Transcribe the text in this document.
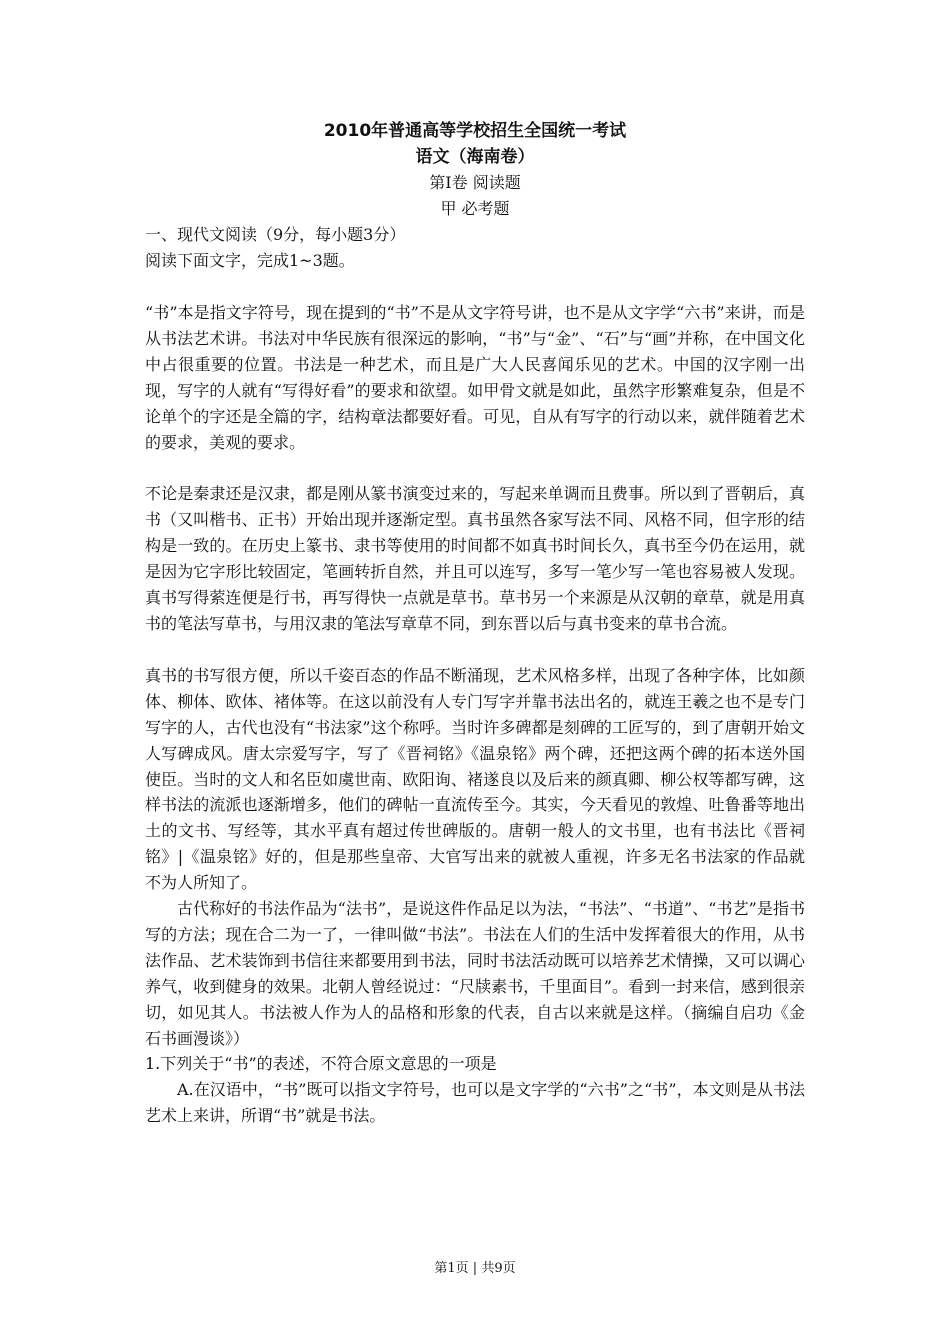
2010年普通高等学校招生全国统一考试
语文（海南卷）
第Ⅰ卷 阅读题
甲 必考题
一、现代文阅读（9分，每小题3分）
阅读下面文字，完成1~3题。

“书”本是指文字符号，现在提到的“书”不是从文字符号讲，也不是从文字学“六书”来讲，而是从书法艺术讲。书法对中华民族有很深远的影响，“书”与“金”、“石”与“画”并称，在中国文化中占很重要的位置。书法是一种艺术，而且是广大人民喜闻乐见的艺术。中国的汉字刚一出现，写字的人就有“写得好看”的要求和欲望。如甲骨文就是如此，虽然字形繁难复杂，但是不论单个的字还是全篇的字，结构章法都要好看。可见，自从有写字的行动以来，就伴随着艺术的要求，美观的要求。

不论是秦隶还是汉隶，都是刚从篆书演变过来的，写起来单调而且费事。所以到了晋朝后，真书（又叫楷书、正书）开始出现并逐渐定型。真书虽然各家写法不同、风格不同，但字形的结构是一致的。在历史上篆书、隶书等使用的时间都不如真书时间长久，真书至今仍在运用，就是因为它字形比较固定，笔画转折自然，并且可以连写，多写一笔少写一笔也容易被人发现。真书写得萦连便是行书，再写得快一点就是草书。草书另一个来源是从汉朝的章草，就是用真书的笔法写草书，与用汉隶的笔法写章草不同，到东晋以后与真书变来的草书合流。

真书的书写很方便，所以千姿百态的作品不断涌现，艺术风格多样，出现了各种字体，比如颜体、柳体、欧体、褚体等。在这以前没有人专门写字并靠书法出名的，就连王羲之也不是专门写字的人，古代也没有“书法家”这个称呼。当时许多碑都是刻碑的工匠写的，到了唐朝开始文人写碑成风。唐太宗爱写字，写了《晋祠铭》《温泉铭》两个碑，还把这两个碑的拓本送外国使臣。当时的文人和名臣如虞世南、欧阳询、褚遂良以及后来的颜真卿、柳公权等都写碑，这样书法的流派也逐渐增多，他们的碑帖一直流传至今。其实，今天看见的敦煌、吐鲁番等地出土的文书、写经等，其水平真有超过传世碑版的。唐朝一般人的文书里，也有书法比《晋祠铭》|《温泉铭》好的，但是那些皇帝、大官写出来的就被人重视，许多无名书法家的作品就不为人所知了。

古代称好的书法作品为“法书”，是说这件作品足以为法，“书法”、“书道”、“书艺”是指书写的方法；现在合二为一了，一律叫做“书法”。书法在人们的生活中发挥着很大的作用，从书法作品、艺术装饰到书信往来都要用到书法，同时书法活动既可以培养艺术情操，又可以调心养气，收到健身的效果。北朝人曾经说过：“尺牍素书，千里面目”。看到一封来信，感到很亲切，如见其人。书法被人作为人的品格和形象的代表，自古以来就是这样。（摘编自启功《金石书画漫谈》）

1.下列关于“书”的表述，不符合原文意思的一项是

A.在汉语中，“书”既可以指文字符号，也可以是文字学的“六书”之“书”，本文则是从书法艺术上来讲，所谓“书”就是书法。

第1页 | 共9页
